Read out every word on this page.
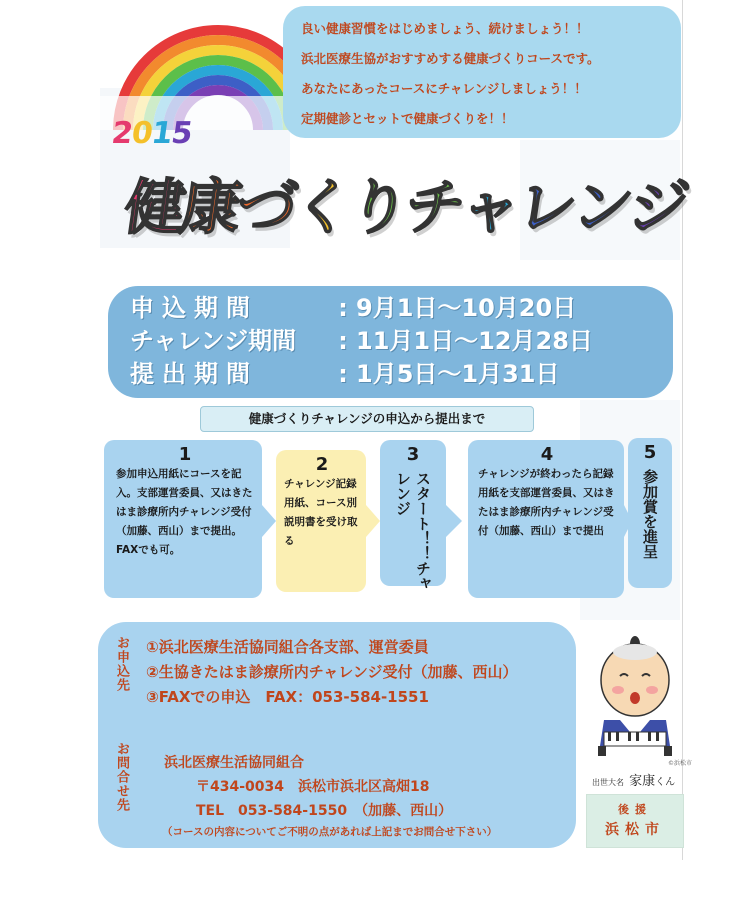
良い健康習慣をはじめましょう、続けましょう！！
浜北医療生協がおすすめする健康づくりコースです。
あなたにあったコースにチャレンジしましょう！！
定期健診とセットで健康づくりを！！
2015
健康づくりチャレンジ
申込期間	: 9月1日〜10月20日
チャレンジ期間 : 11月1日〜12月28日
提出期間	: 1月5日〜1月31日
健康づくりチャレンジの申込から提出まで
1
参加申込用紙にコースを記入。支部運営委員、又はきたはま診療所内チャレンジ受付（加藤、西山）まで提出。FAXでも可。
2
チャレンジ記録用紙、コース別説明書を受け取る
3
スタート！！チャレンジ
4
チャレンジが終わったら記録用紙を支部運営委員、又はきたはま診療所内チャレンジ受付（加藤、西山）まで提出
5
参加賞を進呈
お申込先 ①浜北医療生活協同組合各支部、運営委員
②生協きたはま診療所内チャレンジ受付（加藤、西山）
③FAXでの申込　FAX：053-584-1551
お問合せ先	浜北医療生活協同組合
〒434-0034　浜松市浜北区高畑18
TEL　053-584-1550　（加藤、西山）
（コースの内容についてご不明の点があれば上記までお問合せ下さい）
©浜松市
出世大名 家康くん
後援
浜松市
